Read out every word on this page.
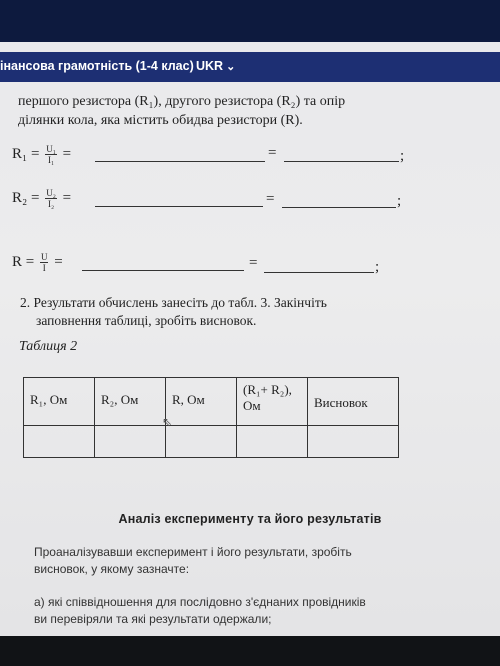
інансова грамотність (1-4 клас) UKR ⌄
першого резистора (R₁), другого резистора (R₂) та опір
ділянки кола, яка містить обидва резистори (R).
$R_1 = \frac{\text{U₁}}{\text{I₁}}$ =	=	;
$R_2 = \frac{\text{U₂}}{\text{I₂}}$ =	=	;
$R = \frac{U}{I}$ =	=	;
2. Результати обчислень занесіть до табл. 3. Закінчіть
заповнення таблиці, зробіть висновок.
Таблиця 2
R₁, Ом	R₂, Ом	R, Ом	(R₁+ R₂), Ом	Висновок

⇖
Аналіз експерименту та його результатів
Проаналізувавши експеримент і його результати, зробіть
висновок, у якому зазначте:
а) які співвідношення для послідовно з'єднаних провідників
ви перевіряли та які результати одержали;
